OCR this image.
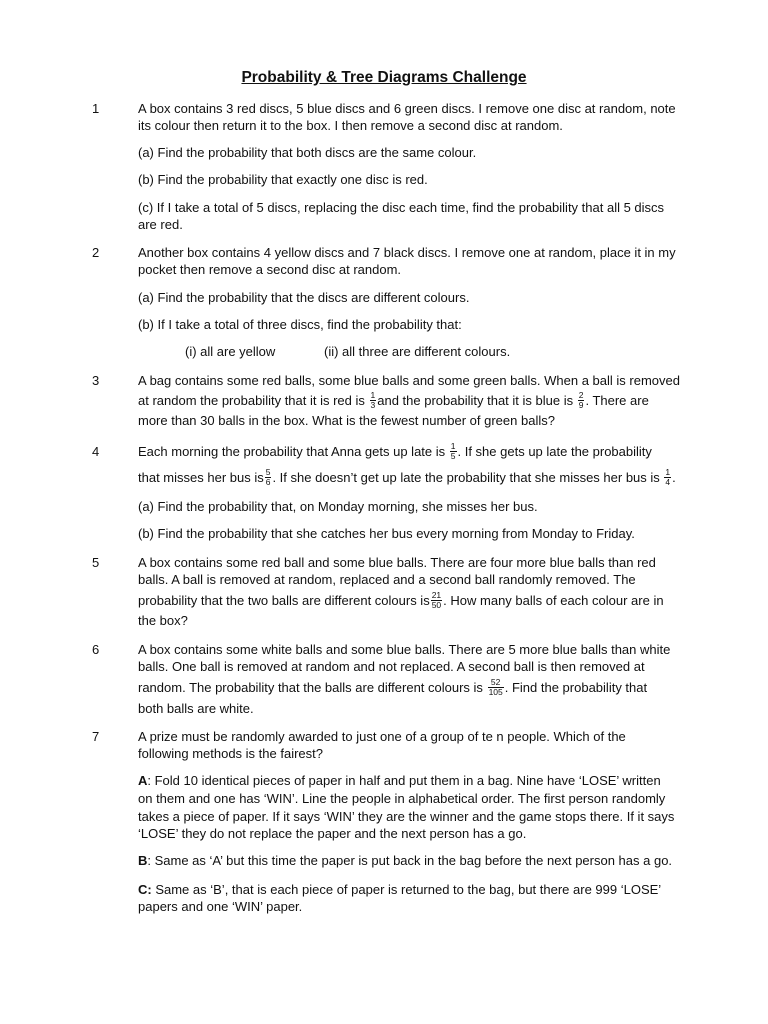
Probability & Tree Diagrams Challenge
1	A box contains 3 red discs, 5 blue discs and 6 green discs. I remove one disc at random, note
its colour then return it to the box. I then remove a second disc at random.
(a) Find the probability that both discs are the same colour.
(b) Find the probability that exactly one disc is red.
(c) If I take a total of 5 discs, replacing the disc each time, find the probability that all 5 discs
are red.
2	Another box contains 4 yellow discs and 7 black discs. I remove one at random, place it in my
pocket then remove a second disc at random.
(a) Find the probability that the discs are different colours.
(b) If I take a total of three discs, find the probability that:
(i) all are yellow	(ii) all three are different colours.
3	A bag contains some red balls, some blue balls and some green balls. When a ball is removed
at random the probability that it is red is $\frac{1}{3}$ and the probability that it is blue is $\frac{2}{9}$ . There are
more than 30 balls in the box. What is the fewest number of green balls?
4	Each morning the probability that Anna gets up late is $\frac{1}{5}$ . If she gets up late the probability
that misses her bus is $\frac{5}{6}$ . If she doesn’t get up late the probability that she misses her bus is $\frac{1}{4}$ .
(a) Find the probability that, on Monday morning, she misses her bus.
(b) Find the probability that she catches her bus every morning from Monday to Friday.
5	A box contains some red ball and some blue balls. There are four more blue balls than red
balls. A ball is removed at random, replaced and a second ball randomly removed. The
probability that the two balls are different colours is $\frac{21}{50}$ . How many balls of each colour are in
the box?
6	A box contains some white balls and some blue balls. There are 5 more blue balls than white
balls. One ball is removed at random and not replaced. A second ball is then removed at
random. The probability that the balls are different colours is $\frac{52}{105}$ . Find the probability that
both balls are white.
7	A prize must be randomly awarded to just one of a group of te n people. Which of the
following methods is the fairest?
A: Fold 10 identical pieces of paper in half and put them in a bag. Nine have ‘LOSE’ written
on them and one has ‘WIN’. Line the people in alphabetical order. The first person randomly
takes a piece of paper. If it says ‘WIN’ they are the winner and the game stops there. If it says
‘LOSE’ they do not replace the paper and the next person has a go.
B: Same as ‘A’ but this time the paper is put back in the bag before the next person has a go.
C: Same as ‘B’, that is each piece of paper is returned to the bag, but there are 999 ‘LOSE’
papers and one ‘WIN’ paper.
